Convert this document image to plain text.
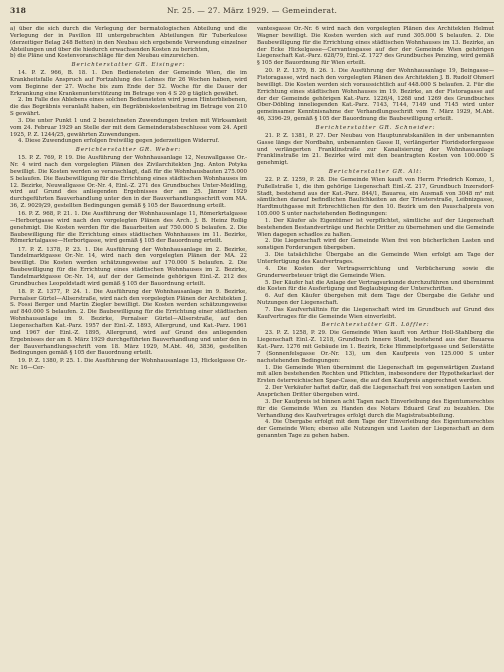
318	Nr. 25. — 27. März 1929. — Gemeinderat.

a) über die sich durch die Verlegung der bermatologischen Abteilung und die Verlegung der in Pavillon III untergebrachten Abteilungen für Tuberkulose (derzeitiger Belag 248 Betten) in den Neubau sich ergebende Verwendung einzelner Abteilungen und über die hiedurch erwachsenden Kosten zu berichten,

b) die Pläne und Kostenvoranschläge für den Neubau einzureichen.

Berichterstatter GR. Eisinger:

14. P. Z. 966, B. 18. 1. Den Bediensteten der Gemeinde Wien, die im Krankheitsfalle Anspruch auf Fortzahlung des Lohnes für 26 Wochen haben, wird vom Beginne der 27. Woche bis zum Ende der 52. Woche für die Dauer der Erkrankung eine Krankenunterstützung im Betrage von 4 S 20 g täglich gewährt.

2. Im Falle des Ablebens eines solchen Bediensteten wird jenen Hinterbliebenen, die das Begräbnis veranlaßt haben, ein Begräbniskostenbeitrag im Betrage von 210 S gewährt.

3. Die unter Punkt 1 und 2 bezeichneten Zuwendungen treten mit Wirksamkeit vom 24. Februar 1929 an Stelle der mit dem Gemeinderatsbeschlusse vom 24. April 1925, P. Z. 1244/25, gewährten Zuwendungen.

4. Diese Zuwendungen erfolgen freiwillig gegen jederzeitigen Widerruf.

Berichterstatter GR. Weber:

15. P. Z. 769, P. 19. Die Ausführung der Wohnhausanlage 12, Neuwallgasse Or.-Nr. 4 wird nach den vorgelegten Plänen des Zivilarchitekten Jng. Anton Potyka bewilligt. Die Kosten werden so veranschlagt, daß für die Wohnhausbauten 275.000 S belaufen. Die Baubewilligung für die Errichtung eines städtischen Wohnhauses im 12. Bezirke, Neuwallgasse Or.-Nr. 4, Einl.-Z. 271 des Grundbuches Unter-Meidling, wird auf Grund des anliegenden Ergebnisses der am 25. Jänner 1929 durchgeführten Bauverhandlung unter den in der Bauverhandlungsschrift vom MA. 36, Z. 9029/29, gestellten Bedingungen gemäß § 105 der Bauordnung erteilt.

16. P. Z. 968, P. 21. 1. Die Ausführung der Wohnhausanlage 11, Römerkrtalgasse—Herbortgasse wird nach den vorgelegten Plänen des Arch. J. B. Heinz Rollig genehmigt. Die Kosten werden für die Bauarbeiten auf 750.000 S belaufen. 2. Die Baubewilligung für die Errichtung eines städtischen Wohnhauses im 11. Bezirke, Römerkrtalgasse—Herbortgasse, wird gemäß § 105 der Bauordnung erteilt.

17. P. Z. 1378, P. 23. 1. Die Ausführung der Wohnhausanlage im 2. Bezirke, Tandelmarktgasse Or.-Nr. 14, wird nach den vorgelegten Plänen der MA. 22 bewilligt. Die Kosten werden schätzungsweise auf 170.000 S belaufen. 2. Die Baubewilligung für die Errichtung eines städtischen Wohnhauses im 2. Bezirke, Tandelmarktgasse Or.-Nr. 14, auf der der Gemeinde gehörigen Einl.-Z. 212 des Grundbuches Leopoldstadt wird gemäß § 105 der Bauordnung erteilt.

18. P. Z. 1377, P. 24. 1. Die Ausführung der Wohnhausanlage im 9. Bezirke, Pernalser Gürtel—Allserstraße, wird nach den vorgelegten Plänen der Architekten J. S. Fossi Berger und Martin Ziegler bewilligt. Die Kosten werden schätzungsweise auf 840.000 S belaufen. 2. Die Baubewilligung für die Errichtung einer städtischen Wohnhausanlage im 9. Bezirke, Pernalser Gürtel—Allserstraße, auf den Liegenschaften Kat.-Parz. 1957 der Einl.-Z. 1893, Allergrund, und Kat.-Parz. 1961 und 1967 der Einl.-Z. 1895, Allergrund, wird auf Grund des anliegenden Ergebnisses der am 8. März 1929 durchgeführten Bauverhandlung und unter den in der Bauverhandlungsschrift vom 18. März 1929, M.Abt. 46, 3836, gestellten Bedingungen gemäß § 105 der Bauordnung erteilt.

19. P. Z. 1380, P. 25. 1. Die Ausführung der Wohnhausanlage 13, Hickelgasse Or.-Nr. 16—Cer-

vantesgasse Or.-Nr. 6 wird nach den vorgelegten Plänen des Architekten Helmut Wagner bewilligt. Die Kosten werden sich auf rund 305.000 S belaufen. 2. Die Baubewilligung für die Errichtung eines städtischen Wohnhauses im 13. Bezirke, an der Ecke Hickelgasse—Cervantesgasse auf der der Gemeinde Wien gehörigen Liegenschaft Kat.-Parz. 628/79, Einl.-Z. 1727 des Grundbuches Penzing, wird gemäß § 105 der Bauordnung für Wien erteilt.

20. P. Z. 1379, B. 26. 1. Die Ausführung der Wohnhausanlage 19, Beingasse—Fistoragasse, wird nach den vorgelegten Plänen des Architekten J. B. Rudolf Ohmerl bewilligt. Die Kosten werden sich voraussichtlich auf 448.000 S belaufen. 2. Für die Errichtung eines städtischen Wohnhauses im 19. Bezirke, an der Fistoragasse auf der der Gemeinde gehörigen Kat.-Parz. 1226/4, 1268 und 1269 des Grundbuches Ober-Döbling inneliegenden Kat.-Parz. 7143, 7144, 7149 und 7145 wird unter gemeinsamer Kenntnisnahme der Verhandlungsschrift vom 7. März 1929, M.Abt. 46, 3396-29, gemäß § 105 der Bauordnung die Baubewilligung erteilt.

Berichterstatter GR. Schneider:

21. P. Z. 1381, P. 27. Der Neubau von Hauptunratskanälen in der unbenannten Gasse längs der Nordbahn, unbenannten Gasse II, verlängerter Floridsdorfergasse und verlängerten Franklinstraße zur Kanalisierung der Wohnhausanlage Franklinstraße im 21. Bezirke wird mit den beantragten Kosten von 100.000 S genehmigt.

Berichterstatter GR. Alt:

22. P. Z. 1259, P. 28. Die Gemeinde Wien kauft von Herrn Friedrich Komzo, 1, Fußellstraße 1, die ihm gehörige Liegenschaft Einl.-Z. 217, Grundbuch Inzersdorf-Stadt, bestehend aus der Kat.-Parz. 844/1, Bauarea, ein Ausmaß von 3048 m² mit sämtlichen darauf befindlichen Baulichkeiten an der Triesterstraße, Leibnizgasse, Hardtmuthgasse mit Erbrechtlichen für den 10. Bezirk um den Pauschalpreis von 105.000 S unter nachstehenden Bedingungen:

1. Der Käufer als Eigentümer ist verpflichtet, sämtliche auf der Liegenschaft bestehenden Bestandverträge und Rechte Dritter zu übernehmen und die Gemeinde Wien dagegen schadlos zu halten.

2. Die Liegenschaft wird der Gemeinde Wien frei von bücherlichen Lasten und sonstigen Forderungen übergeben.

3. Die tatsächliche Übergabe an die Gemeinde Wien erfolgt am Tage der Unterfertigung des Kaufvertrages.

4. Die Kosten der Vertragserrichtung und Verbücherung sowie die Grunderwerbsteuer trägt die Gemeinde Wien.

5. Der Käufer hat die Anlage der Vertragsurkunde durchzuführen und übernimmt die Kosten für die Ausfertigung und Beglaubigung der Unterschriften.

6. Auf den Käufer übergehen mit dem Tage der Übergabe die Gefahr und Nutzungen der Liegenschaft.

7. Das Kaufverhältnis für die Liegenschaft wird im Grundbuch auf Grund des Kaufvertrages für die Gemeinde Wien einverleibt.

Berichterstatter GR. Löffler:

23. P. Z. 1258, P. 29. Die Gemeinde Wien kauft von Arthur Holl-Stahlberg die Liegenschaft Einl.-Z. 1218, Grundbuch Innere Stadt, bestehend aus der Bauarea Kat.-Parz. 1276 mit Gebäude im 1. Bezirk, Ecke Himmelpfortgasse und Seilerstätte 7 (Sonnenfelsgasse Or.-Nr. 13), um den Kaufpreis von 125.000 S unter nachstehenden Bedingungen:

1. Die Gemeinde Wien übernimmt die Liegenschaft im gegenwärtigen Zustand mit allen bestehenden Rechten und Pflichten, insbesondere der Hypothekarlast der Ersten österreichischen Spar-Casse, die auf den Kaufpreis angerechnet werden.

2. Der Verkäufer haftet dafür, daß die Liegenschaft frei von sonstigen Lasten und Ansprüchen Dritter übergeben wird.

3. Der Kaufpreis ist binnen acht Tagen nach Einverleibung des Eigentumsrechtes für die Gemeinde Wien zu Handen des Notars Eduard Graf zu bezahlen. Die Verhandlung des Kaufvertrages erfolgt durch die Magistratsabteilung.

4. Die Übergabe erfolgt mit dem Tage der Einverleibung des Eigentumsrechtes der Gemeinde Wien; ebenso alle Nutzungen und Lasten der Liegenschaft an dem genannten Tage zu gehen haben.
